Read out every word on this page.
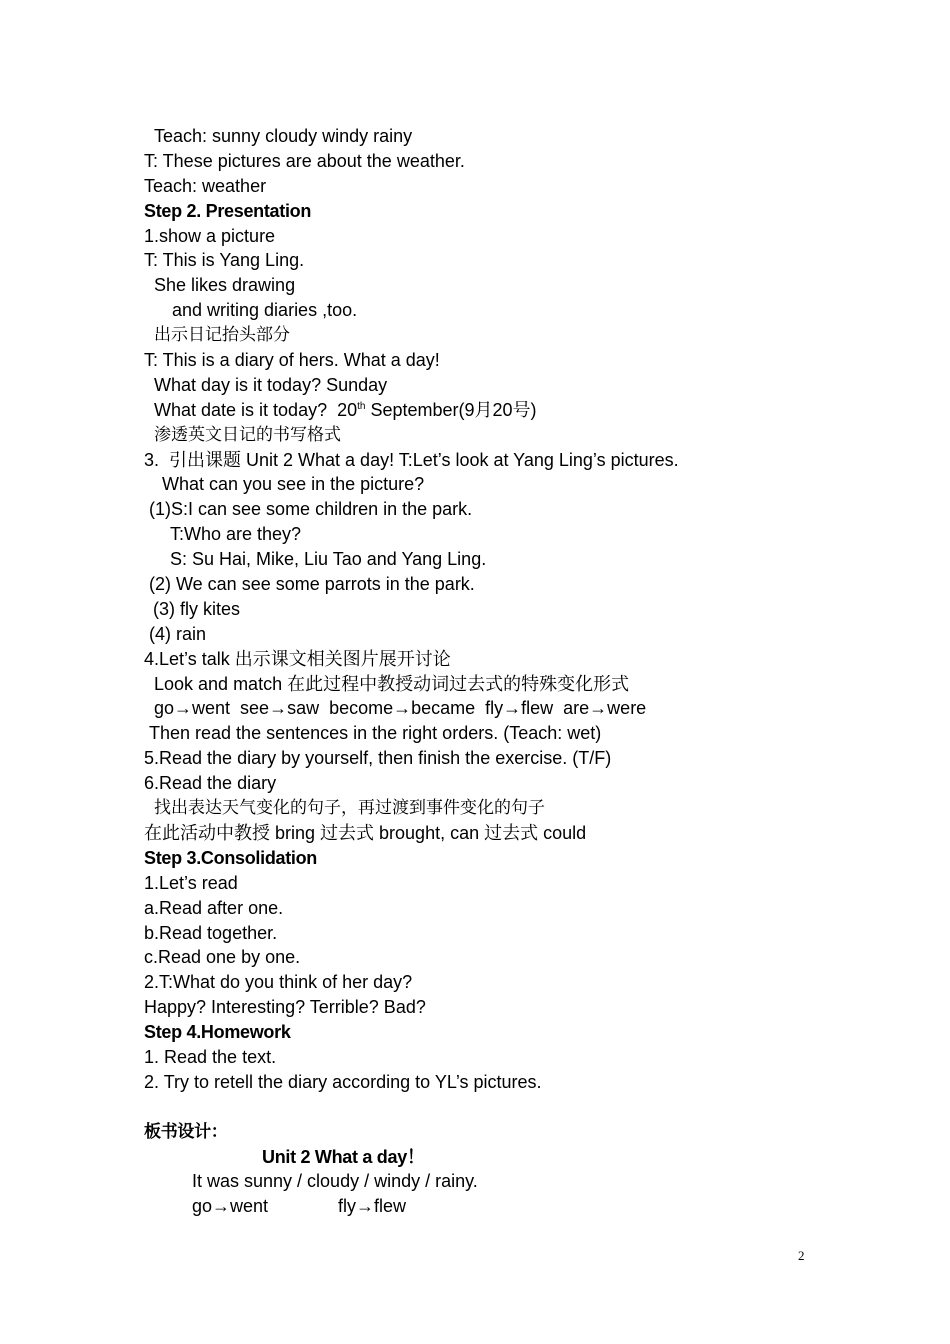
Teach: sunny cloudy windy rainy
T: These pictures are about the weather.
Teach: weather
Step 2. Presentation
1.show a picture
T: This is Yang Ling.
She likes drawing
and writing diaries ,too.
出示日记抬头部分
T: This is a diary of hers. What a day!
What day is it today? Sunday
What date is it today?  20th September(9月20号)
渗透英文日记的书写格式
3.  引出课题 Unit 2 What a day! T:Let’s look at Yang Ling’s pictures.
What can you see in the picture?
(1)S:I can see some children in the park.
T:Who are they?
S: Su Hai, Mike, Liu Tao and Yang Ling.
(2) We can see some parrots in the park.
(3) fly kites
(4) rain
4.Let’s talk 出示课文相关图片展开讨论
Look and match 在此过程中教授动词过去式的特殊变化形式
go→went  see→saw  become→became  fly→flew  are→were
Then read the sentences in the right orders. (Teach: wet)
5.Read the diary by yourself, then finish the exercise. (T/F)
6.Read the diary
找出表达天气变化的句子，再过渡到事件变化的句子
在此活动中教授 bring 过去式 brought, can 过去式 could
Step 3.Consolidation
1.Let’s read
a.Read after one.
b.Read together.
c.Read one by one.
2.T:What do you think of her day?
Happy? Interesting? Terrible? Bad?
Step 4.Homework
1. Read the text.
2. Try to retell the diary according to YL’s pictures.
板书设计：
Unit 2 What a day！
It was sunny / cloudy / windy / rainy.
go→went	fly→flew
2
